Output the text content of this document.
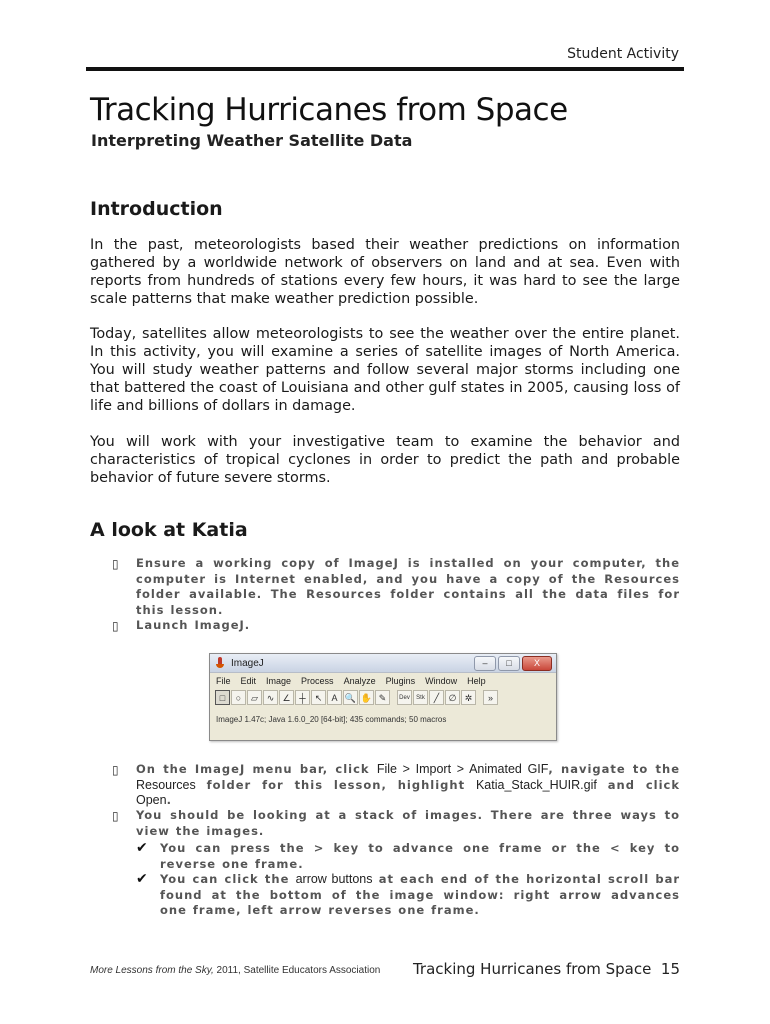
Student Activity
Tracking Hurricanes from Space
Interpreting Weather Satellite Data
Introduction

In the past, meteorologists based their weather predictions on information gathered by a worldwide network of observers on land and at sea. Even with reports from hundreds of stations every few hours, it was hard to see the large scale patterns that make weather prediction possible.

Today, satellites allow meteorologists to see the weather over the entire planet. In this activity, you will examine a series of satellite images of North America. You will study weather patterns and follow several major storms including one that battered the coast of Louisiana and other gulf states in 2005, causing loss of life and billions of dollars in damage.

You will work with your investigative team to examine the behavior and characteristics of tropical cyclones in order to predict the path and probable behavior of future severe storms.

A look at Katia
▯	Ensure a working copy of ImageJ is installed on your computer, the computer is Internet enabled, and you have a copy of the Resources folder available. The Resources folder contains all the data files for this lesson.
▯	Launch ImageJ.
ImageJ	–	□	X
File Edit Image Process Analyze Plugins Window Help
□	○	▱ ∿ ∠ ┼	↖	A 🔍 ✋ ✎	Dev	Stk ╱	∅ ✲	»
ImageJ 1.47c; Java 1.6.0_20 [64-bit]; 435 commands; 50 macros
▯	On the ImageJ menu bar, click File > Import > Animated GIF, navigate to the Resources folder for this lesson, highlight Katia_Stack_HUIR.gif and click Open.
▯	You should be looking at a stack of images. There are three ways to view the images.
✔ You can press the > key to advance one frame or the < key to reverse one frame.
✔ You can click the arrow buttons at each end of the horizontal scroll bar found at the bottom of the image window: right arrow advances one frame, left arrow reverses one frame.
More Lessons from the Sky, 2011, Satellite Educators Association Tracking Hurricanes from Space 15
